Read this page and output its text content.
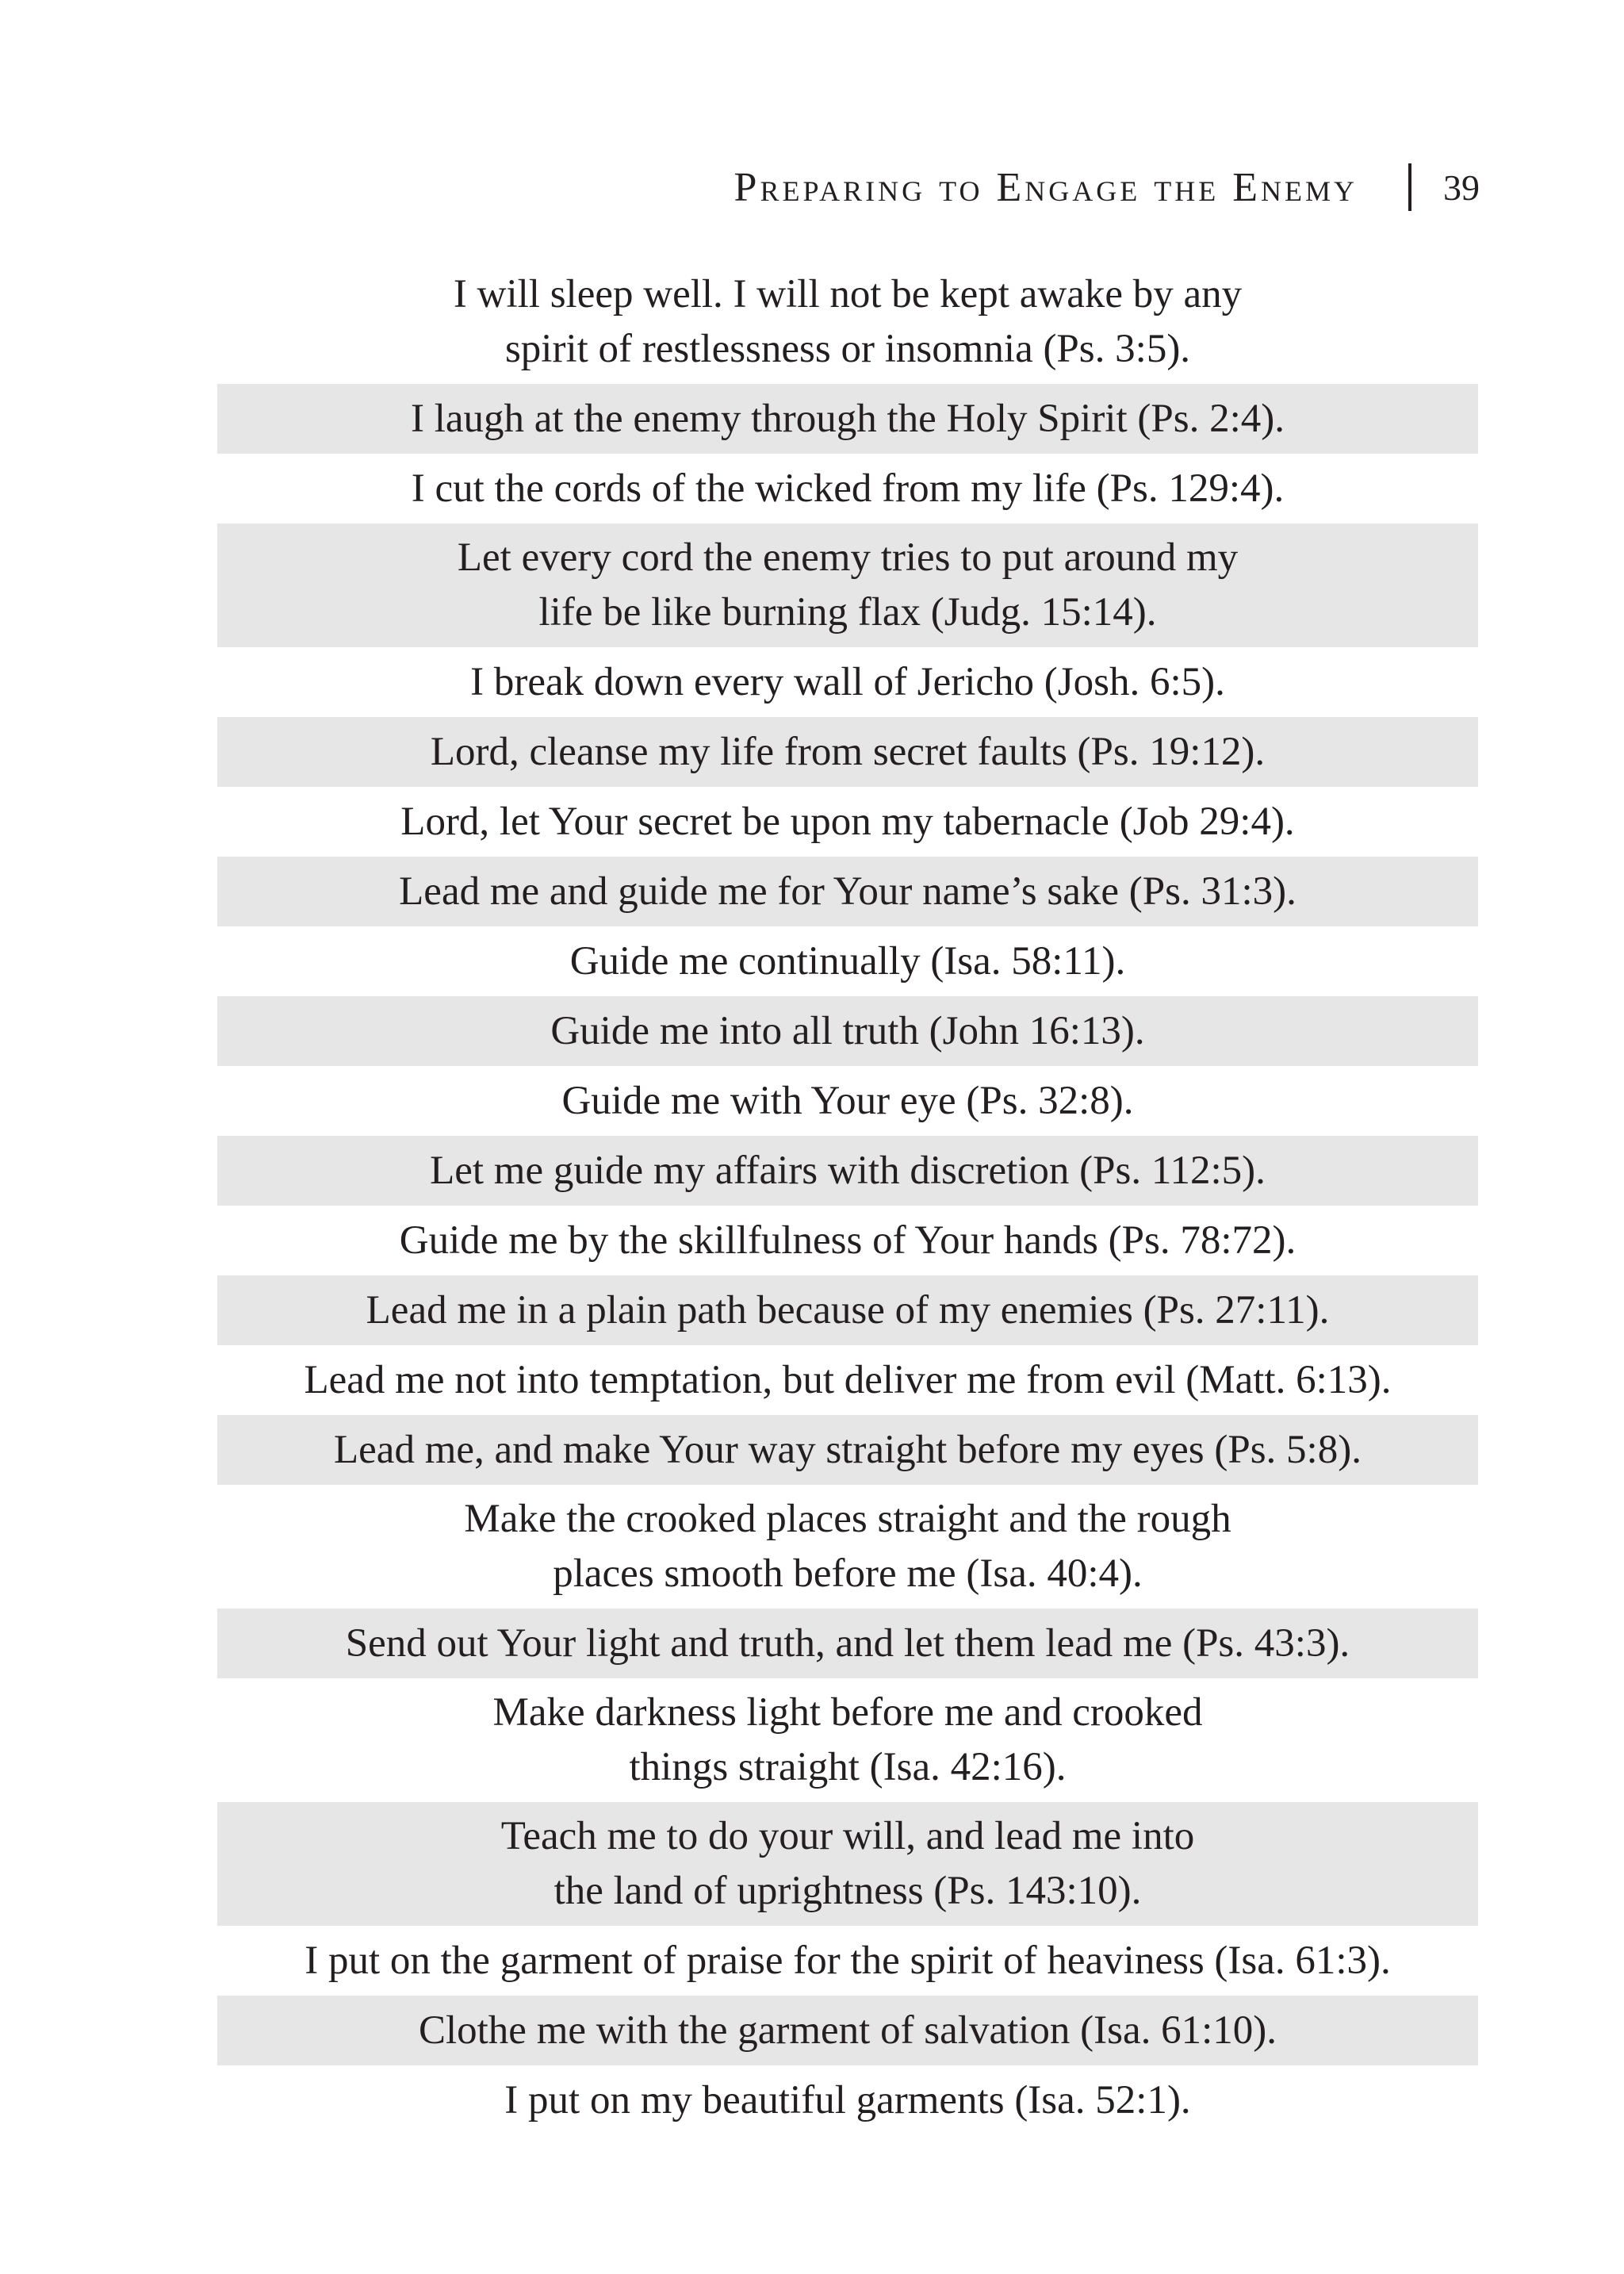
Preparing to Engage the Enemy 39
I will sleep well. I will not be kept awake by any
spirit of restlessness or insomnia (Ps. 3:5).
I laugh at the enemy through the Holy Spirit (Ps. 2:4).
I cut the cords of the wicked from my life (Ps. 129:4).
Let every cord the enemy tries to put around my
life be like burning flax (Judg. 15:14).
I break down every wall of Jericho (Josh. 6:5).
Lord, cleanse my life from secret faults (Ps. 19:12).
Lord, let Your secret be upon my tabernacle (Job 29:4).
Lead me and guide me for Your name’s sake (Ps. 31:3).
Guide me continually (Isa. 58:11).
Guide me into all truth (John 16:13).
Guide me with Your eye (Ps. 32:8).
Let me guide my affairs with discretion (Ps. 112:5).
Guide me by the skillfulness of Your hands (Ps. 78:72).
Lead me in a plain path because of my enemies (Ps. 27:11).
Lead me not into temptation, but deliver me from evil (Matt. 6:13).
Lead me, and make Your way straight before my eyes (Ps. 5:8).
Make the crooked places straight and the rough
places smooth before me (Isa. 40:4).
Send out Your light and truth, and let them lead me (Ps. 43:3).
Make darkness light before me and crooked
things straight (Isa. 42:16).
Teach me to do your will, and lead me into
the land of uprightness (Ps. 143:10).
I put on the garment of praise for the spirit of heaviness (Isa. 61:3).
Clothe me with the garment of salvation (Isa. 61:10).
I put on my beautiful garments (Isa. 52:1).
